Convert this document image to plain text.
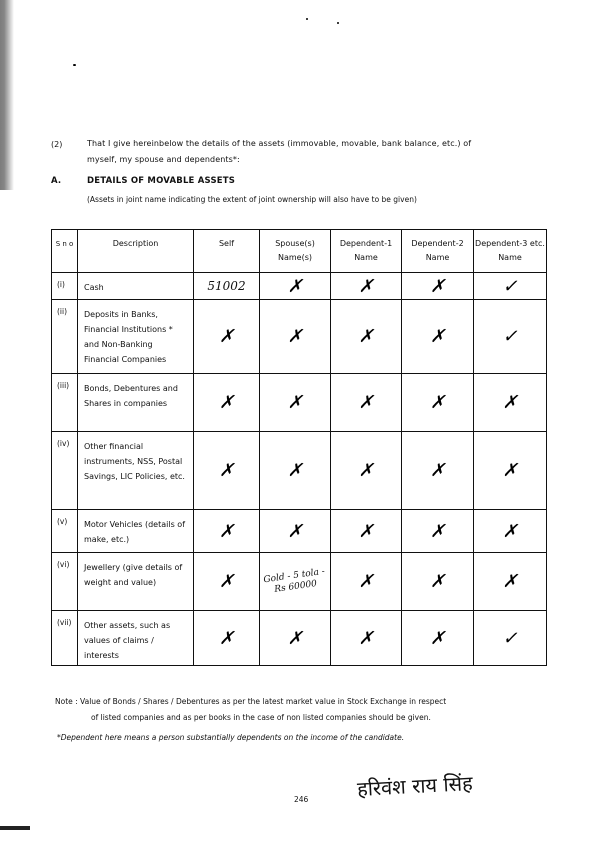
(2)	That I give hereinbelow the details of the assets (immovable, movable, bank balance, etc.) of
myself, my spouse and dependents*:
A.	DETAILS OF MOVABLE ASSETS
(Assets in joint name indicating the extent of joint ownership will also have to be given)
S n o	Description	Self	Spouse(s) Name(s)	Dependent-1 Name	Dependent-2 Name	Dependent-3 etc. Name
(i)	Cash	51002	✗	✗	✗	✓
(ii)	Deposits in Banks, Financial Institutions * and Non-Banking Financial Companies	✗	✗	✗	✗	✓
(iii)	Bonds, Debentures and Shares in companies	✗	✗	✗	✗	✗
(iv)	Other financial instruments, NSS, Postal Savings, LIC Policies, etc.	✗	✗	✗	✗	✗
(v)	Motor Vehicles (details of make, etc.)	✗	✗	✗	✗	✗
(vi)	Jewellery (give details of weight and value)	✗	Gold - 5 tola - Rs 60000	✗	✗	✗
(vii)	Other assets, such as values of claims / interests	✗	✗	✗	✗	✓
Note : Value of Bonds / Shares / Debentures as per the latest market value in Stock Exchange in respect
of listed companies and as per books in the case of non listed companies should be given.
*Dependent here means a person substantially dependents on the income of the candidate.
246 हरिवंश राय सिंह
